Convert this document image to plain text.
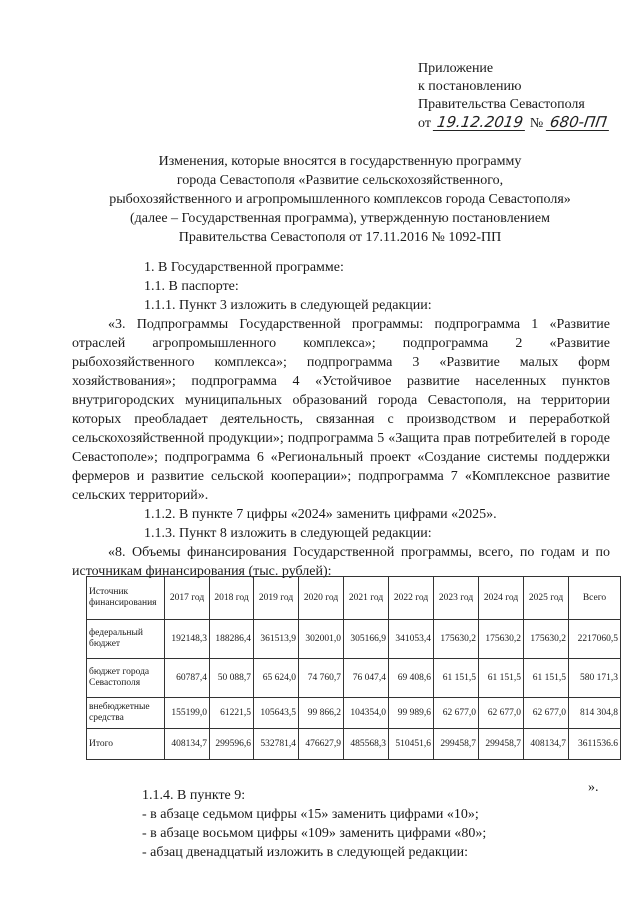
Приложение
к постановлению
Правительства Севастополя
от 19.12.2019 № 680-ПП
Изменения, которые вносятся в государственную программу
города Севастополя «Развитие сельскохозяйственного,
рыбохозяйственного и агропромышленного комплексов города Севастополя»
(далее – Государственная программа), утвержденную постановлением
Правительства Севастополя от 17.11.2016 № 1092-ПП

1. В Государственной программе:

1.1. В паспорте:

1.1.1. Пункт 3 изложить в следующей редакции:

«3. Подпрограммы Государственной программы: подпрограмма 1 «Развитие отраслей агропромышленного комплекса»; подпрограмма 2 «Развитие рыбохозяйственного комплекса»; подпрограмма 3 «Развитие малых форм хозяйствования»; подпрограмма 4 «Устойчивое развитие населенных пунктов внутригородских муниципальных образований города Севастополя, на территории которых преобладает деятельность, связанная с производством и переработкой сельскохозяйственной продукции»; подпрограмма 5 «Защита прав потребителей в городе Севастополе»; подпрограмма 6 «Региональный проект «Создание системы поддержки фермеров и развитие сельской кооперации»; подпрограмма 7 «Комплексное развитие сельских территорий».

1.1.2. В пункте 7 цифры «2024» заменить цифрами «2025».

1.1.3. Пункт 8 изложить в следующей редакции:

«8. Объемы финансирования Государственной программы, всего, по годам и по источникам финансирования (тыс. рублей):

Источник финансирования	2017 год	2018 год	2019 год	2020 год	2021 год	2022 год	2023 год	2024 год	2025 год	Всего
федеральный бюджет	192148,3	188286,4	361513,9	302001,0	305166,9	341053,4	175630,2	175630,2	175630,2	2217060,5
бюджет города Севастополя	60787,4	50 088,7	65 624,0	74 760,7	76 047,4	69 408,6	61 151,5	61 151,5	61 151,5	580 171,3
внебюджетные средства	155199,0	61221,5	105643,5	99 866,2	104354,0	99 989,6	62 677,0	62 677,0	62 677,0	814 304,8
Итого	408134,7	299596,6	532781,4	476627,9	485568,3	510451,6	299458,7	299458,7	408134,7	3611536.6
».
1.1.4. В пункте 9:
- в абзаце седьмом цифры «15» заменить цифрами «10»;
- в абзаце восьмом цифры «109» заменить цифрами «80»;
- абзац двенадцатый изложить в следующей редакции:
